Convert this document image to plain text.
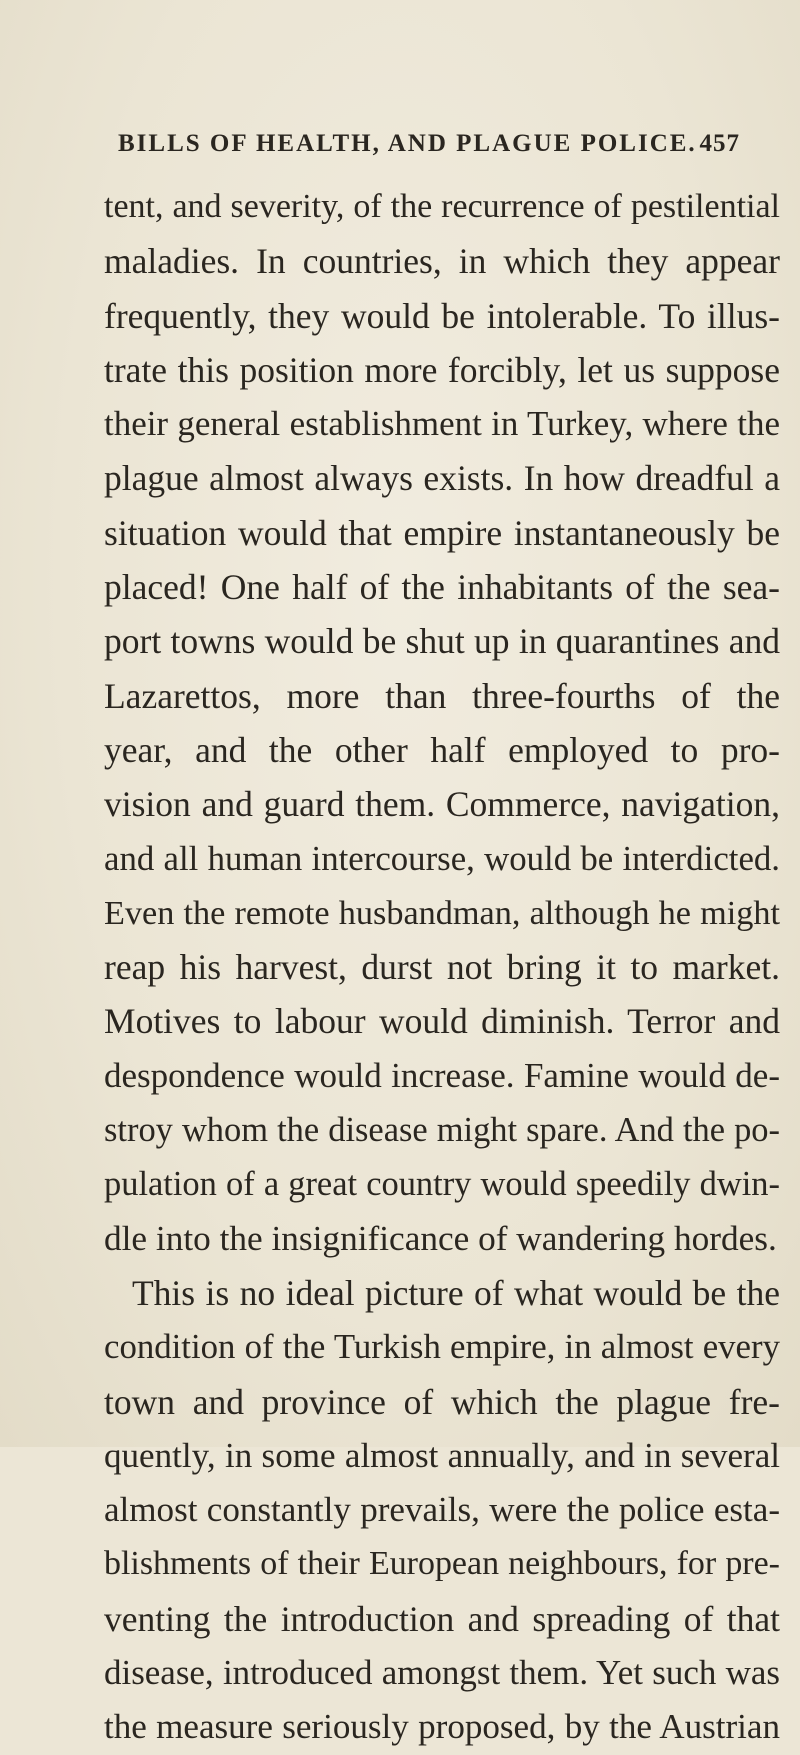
BILLS OF HEALTH, AND PLAGUE POLICE. 457
tent, and severity, of the recurrence of pestilential
maladies. In countries, in which they appear
frequently, they would be intolerable. To illus-
trate this position more forcibly, let us suppose
their general establishment in Turkey, where the
plague almost always exists. In how dreadful a
situation would that empire instantaneously be
placed! One half of the inhabitants of the sea-
port towns would be shut up in quarantines and
Lazarettos, more than three-fourths of the
year, and the other half employed to pro-
vision and guard them. Commerce, navigation,
and all human intercourse, would be interdicted.
Even the remote husbandman, although he might
reap his harvest, durst not bring it to market.
Motives to labour would diminish. Terror and
despondence would increase. Famine would de-
stroy whom the disease might spare. And the po-
pulation of a great country would speedily dwin-
dle into the insignificance of wandering hordes.
This is no ideal picture of what would be the
condition of the Turkish empire, in almost every
town and province of which the plague fre-
quently, in some almost annually, and in several
almost constantly prevails, were the police esta-
blishments of their European neighbours, for pre-
venting the introduction and spreading of that
disease, introduced amongst them. Yet such was
the measure seriously proposed, by the Austrian
